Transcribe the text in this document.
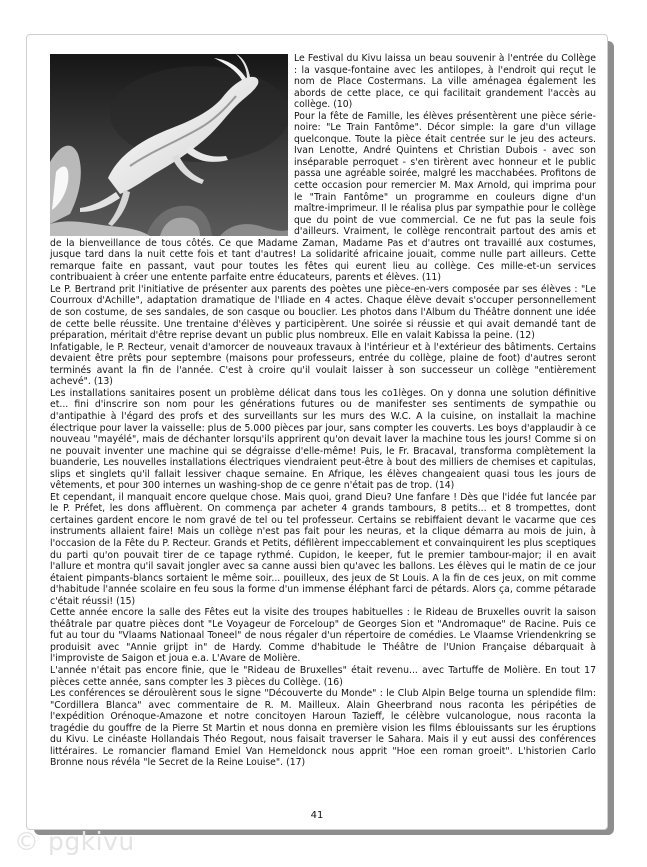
Le Festival du Kivu laissa un beau souvenir à l'entrée du Collège : la vasque-fontaine avec les antilopes, à l'endroit qui reçut le nom de Place Costermans. La ville aménagea également les abords de cette place, ce qui facilitait grandement l'accès au collège. (10)

Pour la fête de Famille, les élèves présentèrent une pièce série-noire: "Le Train Fantôme". Décor simple: la gare d'un village quelconque. Toute la pièce était centrée sur le jeu des acteurs. Ivan Lenotte, André Quintens et Christian Dubois - avec son inséparable perroquet - s'en tirèrent avec honneur et le public passa une agréable soirée, malgré les macchabées. Profitons de cette occasion pour remercier M. Max Arnold, qui imprima pour le "Train Fantôme" un programme en couleurs digne d'un maître-imprimeur. Il le réalisa plus par sympathie pour le collège que du point de vue commercial. Ce ne fut pas la seule fois d'ailleurs. Vraiment, le collège rencontrait partout des amis et de la bienveillance de tous côtés. Ce que Madame Zaman, Madame Pas et d'autres ont travaillé aux costumes, jusque tard dans la nuit cette fois et tant d'autres! La solidarité africaine jouait, comme nulle part ailleurs. Cette remarque faite en passant, vaut pour toutes les fêtes qui eurent lieu au collège. Ces mille-et-un services contribuaient à créer une entente parfaite entre éducateurs, parents et élèves. (11)

Le P. Bertrand prit l'initiative de présenter aux parents des poètes une pièce-en-vers composée par ses élèves : "Le Courroux d'Achille", adaptation dramatique de l'Iliade en 4 actes. Chaque élève devait s'occuper personnellement de son costume, de ses sandales, de son casque ou bouclier. Les photos dans l'Album du Théâtre donnent une idée de cette belle réussite. Une trentaine d'élèves y participèrent. Une soirée si réussie et qui avait demandé tant de préparation, méritait d'être reprise devant un public plus nombreux. Elle en valait Kabissa la peine. (12)

Infatigable, le P. Recteur, venait d'amorcer de nouveaux travaux à l'intérieur et à l'extérieur des bâtiments. Certains devaient être prêts pour septembre (maisons pour professeurs, entrée du collège, plaine de foot) d'autres seront terminés avant la fin de l'année. C'est à croire qu'il voulait laisser à son successeur un collège "entièrement achevé". (13)

Les installations sanitaires posent un problème délicat dans tous les co1lèges. On y donna une solution définitive et... fini d'inscrire son nom pour les générations futures ou de manifester ses sentiments de sympathie ou d'antipathie à l'égard des profs et des surveillants sur les murs des W.C. A la cuisine, on installait la machine électrique pour laver la vaisselle: plus de 5.000 pièces par jour, sans compter les couverts. Les boys d'applaudir à ce nouveau "mayélé", mais de déchanter lorsqu'ils apprirent qu'on devait laver la machine tous les jours! Comme si on ne pouvait inventer une machine qui se dégraisse d'elle-même! Puis, le Fr. Bracaval, transforma complètement la buanderie, Les nouvelles installations électriques viendraient peut-être à bout des milliers de chemises et capitulas, slips et singlets qu'il fallait lessiver chaque semaine. En Afrique, les élèves changeaient quasi tous les jours de vêtements, et pour 300 internes un washing-shop de ce genre n'était pas de trop. (14)

Et cependant, il manquait encore quelque chose. Mais quoi, grand Dieu? Une fanfare ! Dès que l'idée fut lancée par le P. Préfet, les dons affluèrent. On commença par acheter 4 grands tambours, 8 petits... et 8 trompettes, dont certaines gardent encore le nom gravé de tel ou tel professeur. Certains se rebiffaient devant le vacarme que ces instruments allaient faire! Mais un collège n'est pas fait pour les neuras, et la clique démarra au mois de juin, à l'occasion de la Fête du P. Recteur. Grands et Petits, défilèrent impeccablement et convainquirent les plus sceptiques du parti qu'on pouvait tirer de ce tapage rythmé. Cupidon, le keeper, fut le premier tambour-major; il en avait l'allure et montra qu'il savait jongler avec sa canne aussi bien qu'avec les ballons. Les élèves qui le matin de ce jour étaient pimpants-blancs sortaient le même soir... pouilleux, des jeux de St Louis. A la fin de ces jeux, on mit comme d'habitude l'année scolaire en feu sous la forme d'un immense éléphant farci de pétards. Alors ça, comme pétarade c'était réussi! (15)

Cette année encore la salle des Fêtes eut la visite des troupes habituelles : le Rideau de Bruxelles ouvrit la saison théâtrale par quatre pièces dont "Le Voyageur de Forceloup" de Georges Sion et "Andromaque" de Racine. Puis ce fut au tour du "Vlaams Nationaal Toneel" de nous régaler d'un répertoire de comédies. Le Vlaamse Vriendenkring se produisit avec "Annie grijpt in" de Hardy. Comme d'habitude le Théâtre de l'Union Française débarquait à l'improviste de Saigon et joua e.a. L'Avare de Molière.

L'année n'était pas encore finie, que le "Rideau de Bruxelles" était revenu... avec Tartuffe de Molière. En tout 17 pièces cette année, sans compter les 3 pièces du Collège. (16)

Les conférences se déroulèrent sous le signe "Découverte du Monde" : le Club Alpin Belge tourna un splendide film: "Cordillera Blanca" avec commentaire de R. M. Mailleux. Alain Gheerbrand nous raconta les péripéties de l'expédition Orénoque-Amazone et notre concitoyen Haroun Tazieff, le célèbre vulcanologue, nous raconta la tragédie du gouffre de la Pierre St Martin et nous donna en première vision les films éblouissants sur les éruptions du Kivu. Le cinéaste Hollandais Théo Regout, nous faisait traverser le Sahara. Mais il y eut aussi des conférences littéraires. Le romancier flamand Emiel Van Hemeldonck nous apprit "Hoe een roman groeit". L'historien Carlo Bronne nous révéla "le Secret de la Reine Louise". (17)

41
© pgkivu
